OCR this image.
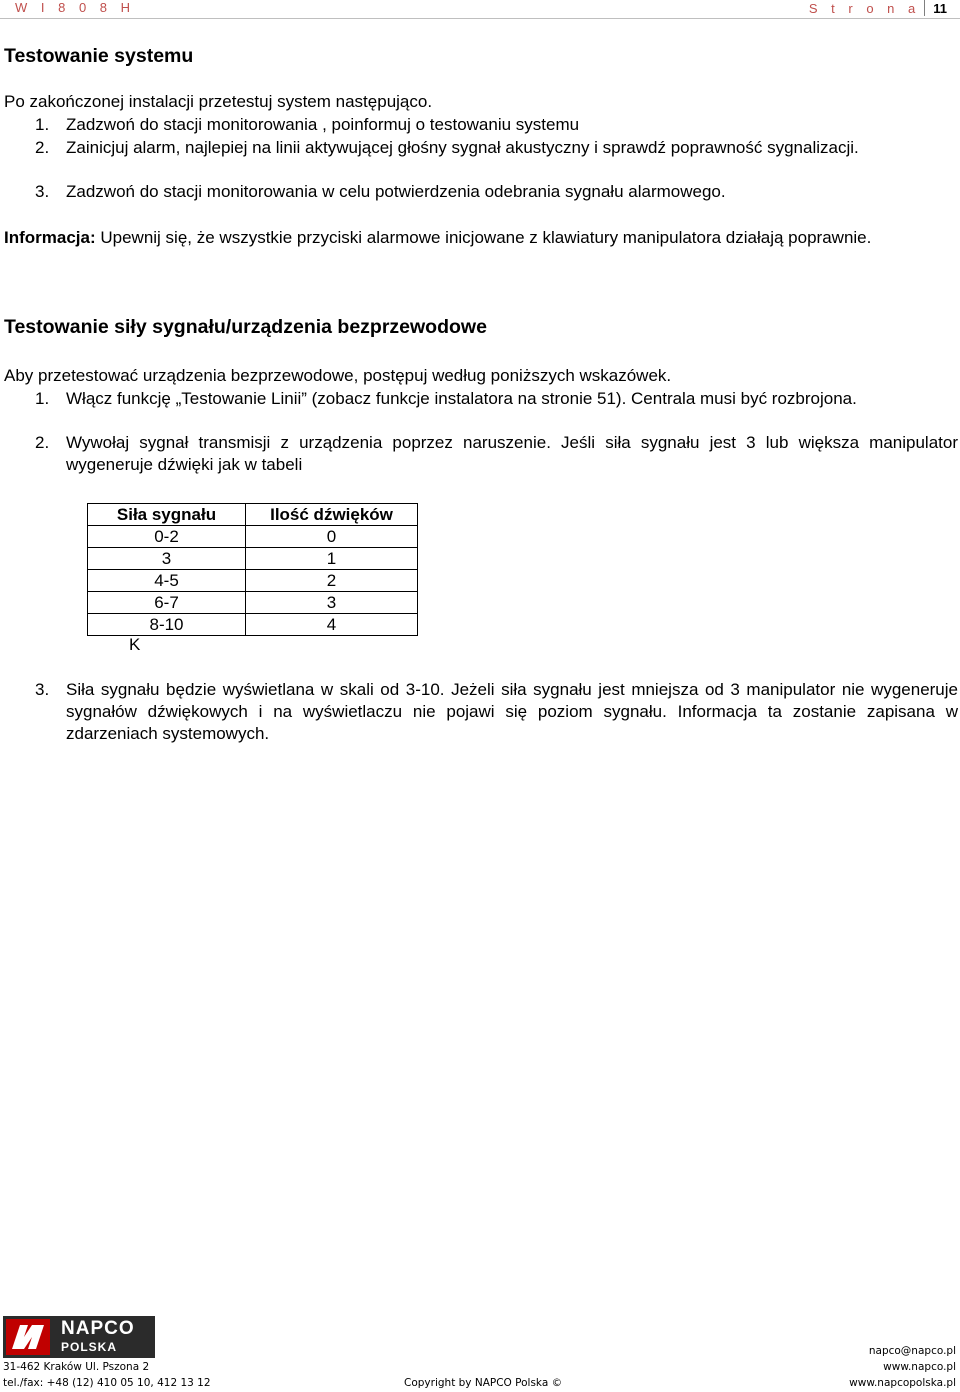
W I 8 0 8 H	S t r o n a 11
Testowanie systemu
Po zakończonej instalacji przetestuj system następująco.
1. Zadzwoń do stacji monitorowania , poinformuj o testowaniu systemu
2. Zainicjuj alarm, najlepiej na linii aktywującej głośny sygnał akustyczny i sprawdź poprawność sygnalizacji.
3. Zadzwoń do stacji monitorowania w celu potwierdzenia odebrania sygnału alarmowego.
Informacja: Upewnij się, że wszystkie przyciski alarmowe inicjowane z klawiatury manipulatora działają poprawnie.
Testowanie siły sygnału/urządzenia bezprzewodowe
Aby przetestować urządzenia bezprzewodowe, postępuj według poniższych wskazówek.
1. Włącz funkcję „Testowanie Linii” (zobacz funkcje instalatora na stronie 51). Centrala musi być rozbrojona.
2. Wywołaj sygnał transmisji z urządzenia poprzez naruszenie. Jeśli siła sygnału jest 3 lub większa manipulator wygeneruje dźwięki jak w tabeli
Siła sygnału	Ilość dźwięków
0-2	0
3	1
4-5	2
6-7	3
8-10	4
K
3. Siła sygnału będzie wyświetlana w skali od 3-10. Jeżeli siła sygnału jest mniejsza od 3 manipulator nie wygeneruje sygnałów dźwiękowych i na wyświetlaczu nie pojawi się poziom sygnału. Informacja ta zostanie zapisana w zdarzeniach systemowych.
NAPCO
POLSKA
31-462 Kraków Ul. Pszona 2
tel./fax: +48 (12) 410 05 10, 412 13 12	Copyright by NAPCO Polska ©
napco@napco.pl
www.napco.pl
www.napcopolska.pl
